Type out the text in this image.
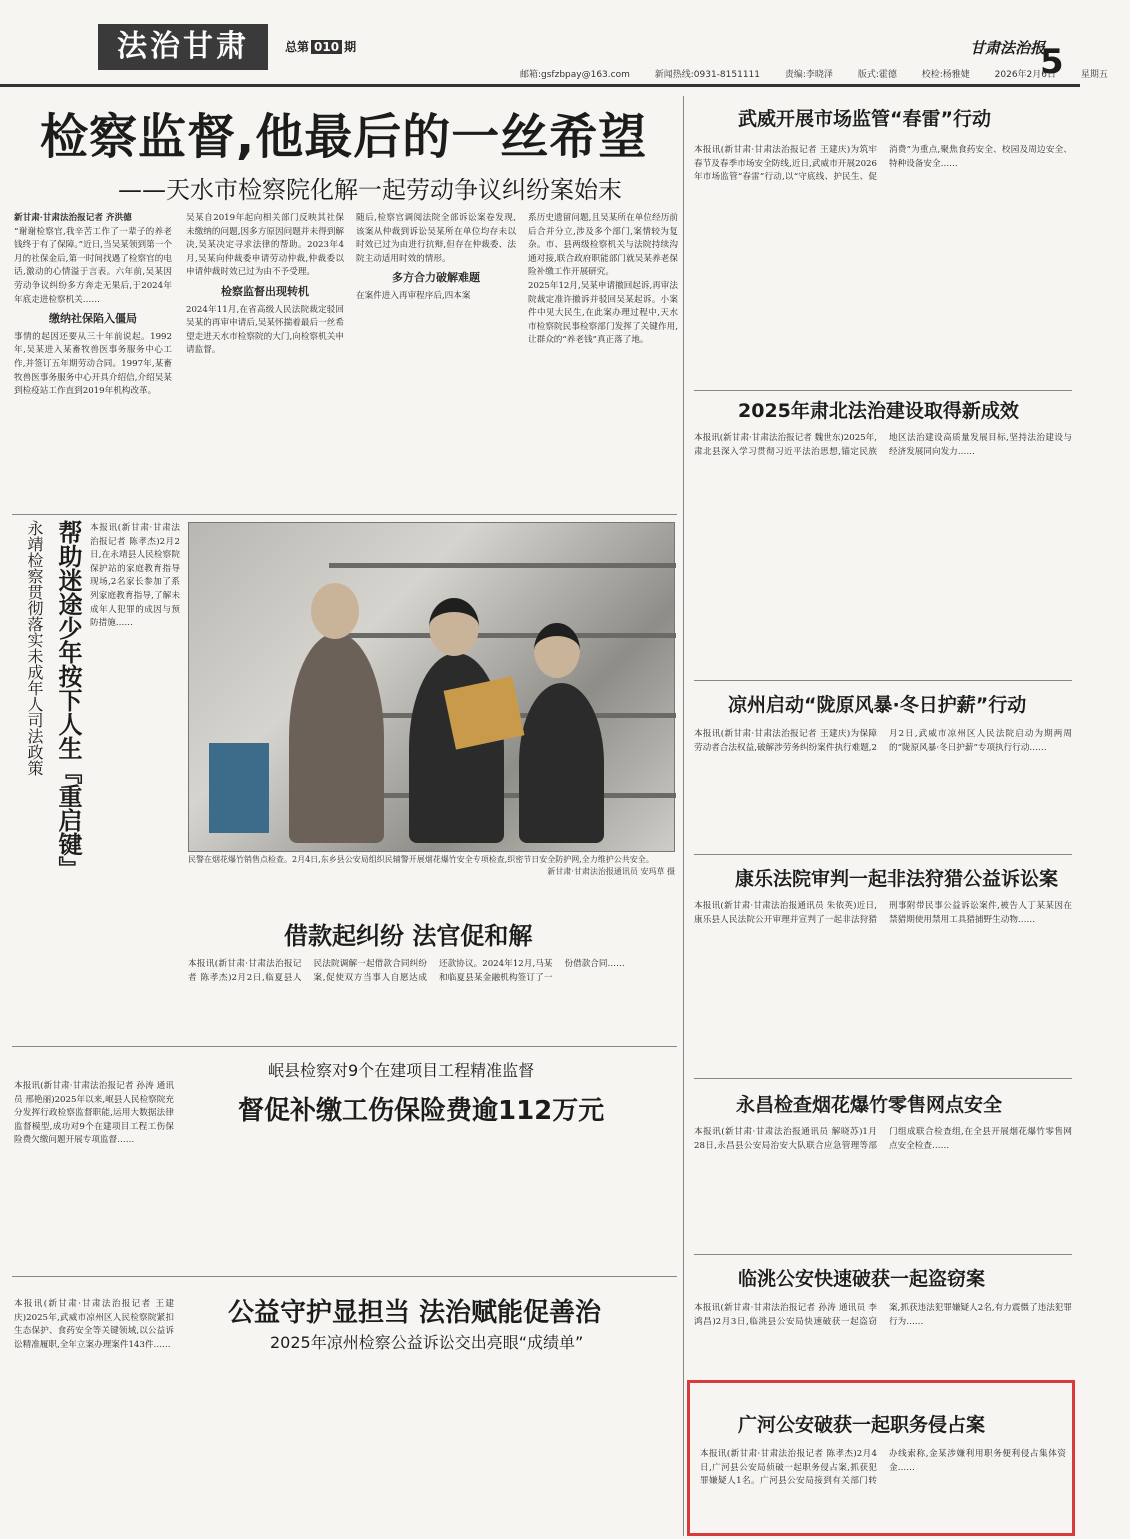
法治甘肃	总第 010 期	甘肃法治报
5
邮箱:gsfzbpay@163.com	新闻热线:0931-8151111	责编:李晓泽	版式:霍德	校检:杨雅婕	2026年2月6日	星期五
检察监督,他最后的一丝希望
——天水市检察院化解一起劳动争议纠纷案始末

新甘肃·甘肃法治报记者 齐洪德

“谢谢检察官,我辛苦工作了一辈子的养老钱终于有了保障。”近日,当吴某领到第一个月的社保金后,第一时间找遇了检察官的电话,激动的心情溢于言表。六年前,吴某因劳动争议纠纷多方奔走无果后,于2024年年底走进检察机关……

缴纳社保陷入僵局

事情的起因还要从三十年前说起。1992年,吴某进入某畜牧兽医事务服务中心工作,并签订五年期劳动合同。1997年,某畜牧兽医事务服务中心开具介绍信,介绍吴某到检疫站工作直到2019年机构改革。

吴某自2019年起向相关部门反映其社保未缴纳的问题,因多方原因问题并未得到解决,吴某决定寻求法律的帮助。2023年4月,吴某向仲裁委申请劳动仲裁,仲裁委以申请仲裁时效已过为由不予受理。

检察监督出现转机

2024年11月,在省高级人民法院裁定驳回吴某的再审申请后,吴某怀揣着最后一丝希望走进天水市检察院的大门,向检察机关申请监督。

随后,检察官调阅法院全部诉讼案卷发现,该案从仲裁到诉讼吴某所在单位均存未以时效已过为由进行抗辩,但存在仲裁委、法院主动适用时效的情形。

多方合力破解难题

在案件进入再审程序后,四本案

系历史遗留问题,且吴某所在单位经历前后合并分立,涉及多个部门,案情较为复杂。市、县两级检察机关与法院持续沟通对接,联合政府职能部门就吴某养老保险补缴工作开展研究。

2025年12月,吴某申请撤回起诉,再审法院裁定准许撤诉并驳回吴某起诉。小案件中见大民生,在此案办理过程中,天水市检察院民事检察部门发挥了关键作用,让群众的“养老钱”真正落了地。

帮助迷途少年按下人生『重启键』
永靖检察贯彻落实未成年人司法政策	本报讯(新甘肃·甘肃法治报记者 陈孝杰)2月2日,在永靖县人民检察院保护站的家庭教育指导现场,2名家长参加了系列家庭教育指导,了解未成年人犯罪的成因与预防措施……
民警在烟花爆竹销售点检查。2月4日,东乡县公安局组织民辅警开展烟花爆竹安全专项检查,织密节日安全防护网,全力维护公共安全。
新甘肃·甘肃法治报通讯员 安玛草 摄
借款起纠纷 法官促和解
本报讯(新甘肃·甘肃法治报记者 陈孝杰)2月2日,临夏县人民法院调解一起借款合同纠纷案,促使双方当事人自愿达成还款协议。2024年12月,马某和临夏县某金融机构签订了一份借款合同……
岷县检察对9个在建项目工程精准监督
督促补缴工伤保险费逾112万元
本报讯(新甘肃·甘肃法治报记者 孙涛 通讯员 邢艳丽)2025年以来,岷县人民检察院充分发挥行政检察监督职能,运用大数据法律监督模型,成功对9个在建项目工程工伤保险费欠缴问题开展专项监督……
公益守护显担当 法治赋能促善治
2025年凉州检察公益诉讼交出亮眼“成绩单”
本报讯(新甘肃·甘肃法治报记者 王建庆)2025年,武威市凉州区人民检察院紧扣生态保护、食药安全等关键领域,以公益诉讼精准履职,全年立案办理案件143件……
武威开展市场监管“春雷”行动
本报讯(新甘肃·甘肃法治报记者 王建庆)为筑牢春节及春季市场安全防线,近日,武威市开展2026年市场监管“春雷”行动,以“守底线、护民生、促消费”为重点,聚焦食药安全、校园及周边安全、特种设备安全……
2025年肃北法治建设取得新成效
本报讯(新甘肃·甘肃法治报记者 魏世东)2025年,肃北县深入学习贯彻习近平法治思想,锚定民族地区法治建设高质量发展目标,坚持法治建设与经济发展同向发力……
凉州启动“陇原风暴·冬日护薪”行动
本报讯(新甘肃·甘肃法治报记者 王建庆)为保障劳动者合法权益,破解涉劳务纠纷案件执行难题,2月2日,武威市凉州区人民法院启动为期两周的“陇原风暴·冬日护薪”专项执行行动……
康乐法院审判一起非法狩猎公益诉讼案
本报讯(新甘肃·甘肃法治报通讯员 朱依英)近日,康乐县人民法院公开审理并宣判了一起非法狩猎刑事附带民事公益诉讼案件,被告人丁某某因在禁猎期使用禁用工具猎捕野生动物……
永昌检查烟花爆竹零售网点安全
本报讯(新甘肃·甘肃法治报通讯员 解晓苏)1月28日,永昌县公安局治安大队联合应急管理等部门组成联合检查组,在全县开展烟花爆竹零售网点安全检查……
临洮公安快速破获一起盗窃案
本报讯(新甘肃·甘肃法治报记者 孙涛 通讯员 李鸿昌)2月3日,临洮县公安局快速破获一起盗窃案,抓获违法犯罪嫌疑人2名,有力震慑了违法犯罪行为……
广河公安破获一起职务侵占案
本报讯(新甘肃·甘肃法治报记者 陈孝杰)2月4日,广河县公安局侦破一起职务侵占案,抓获犯罪嫌疑人1名。广河县公安局接到有关部门转办线索称,金某涉嫌利用职务便利侵占集体资金……
